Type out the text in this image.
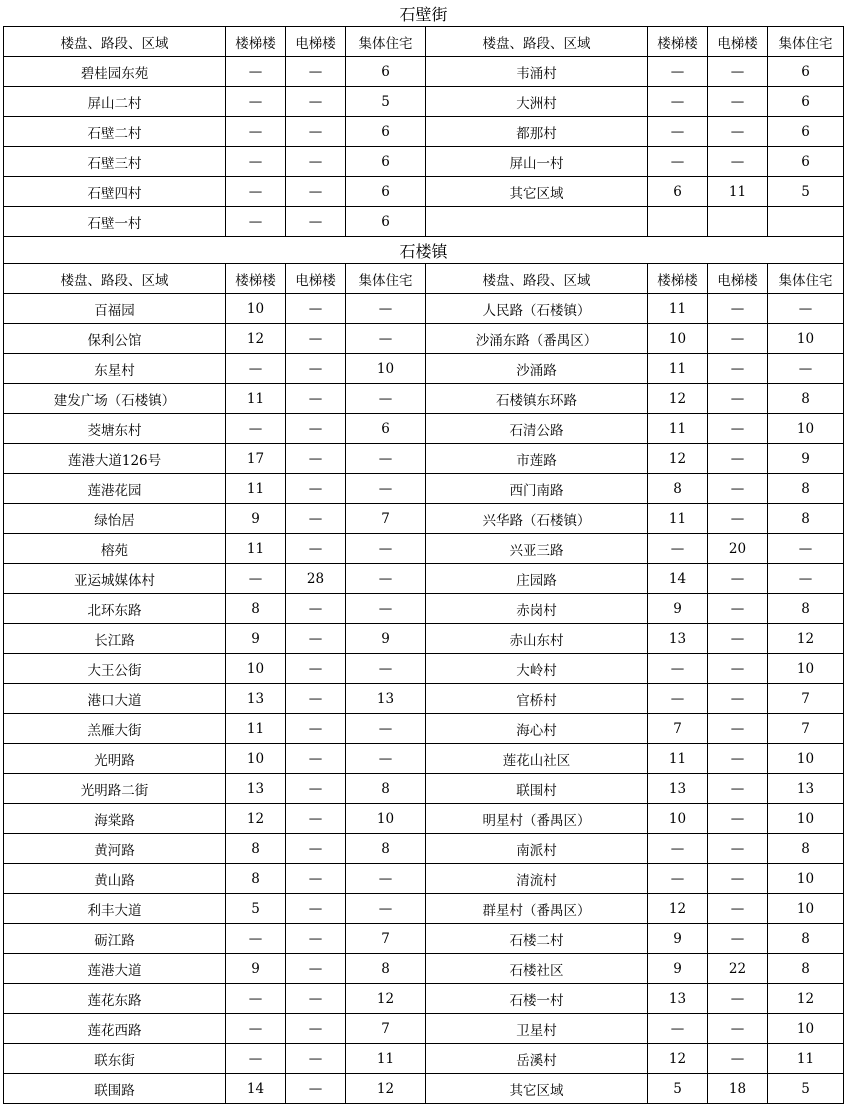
石壁街							
楼盘、路段、区域	楼梯楼	电梯楼	集体住宅	楼盘、路段、区域	楼梯楼	电梯楼	集体住宅
碧桂园东苑	—	—	6	韦涌村	—	—	6
屏山二村	—	—	5	大洲村	—	—	6
石壁二村	—	—	6	都那村	—	—	6
石壁三村	—	—	6	屏山一村	—	—	6
石壁四村	—	—	6	其它区域	6	11	5
石壁一村	—	—	6				
石楼镇							
楼盘、路段、区域	楼梯楼	电梯楼	集体住宅	楼盘、路段、区域	楼梯楼	电梯楼	集体住宅
百福园	10	—	—	人民路（石楼镇）	11	—	—
保利公馆	12	—	—	沙涌东路（番禺区）	10	—	10
东星村	—	—	10	沙涌路	11	—	—
建发广场（石楼镇）	11	—	—	石楼镇东环路	12	—	8
茭塘东村	—	—	6	石清公路	11	—	10
莲港大道126号	17	—	—	市莲路	12	—	9
莲港花园	11	—	—	西门南路	8	—	8
绿怡居	9	—	7	兴华路（石楼镇）	11	—	8
榕苑	11	—	—	兴亚三路	—	20	—
亚运城媒体村	—	28	—	庄园路	14	—	—
北环东路	8	—	—	赤岗村	9	—	8
长江路	9	—	9	赤山东村	13	—	12
大王公街	10	—	—	大岭村	—	—	10
港口大道	13	—	13	官桥村	—	—	7
羔雁大街	11	—	—	海心村	7	—	7
光明路	10	—	—	莲花山社区	11	—	10
光明路二街	13	—	8	联围村	13	—	13
海棠路	12	—	10	明星村（番禺区）	10	—	10
黄河路	8	—	8	南派村	—	—	8
黄山路	8	—	—	清流村	—	—	10
利丰大道	5	—	—	群星村（番禺区）	12	—	10
砺江路	—	—	7	石楼二村	9	—	8
莲港大道	9	—	8	石楼社区	9	22	8
莲花东路	—	—	12	石楼一村	13	—	12
莲花西路	—	—	7	卫星村	—	—	10
联东街	—	—	11	岳溪村	12	—	11
联围路	14	—	12	其它区域	5	18	5
